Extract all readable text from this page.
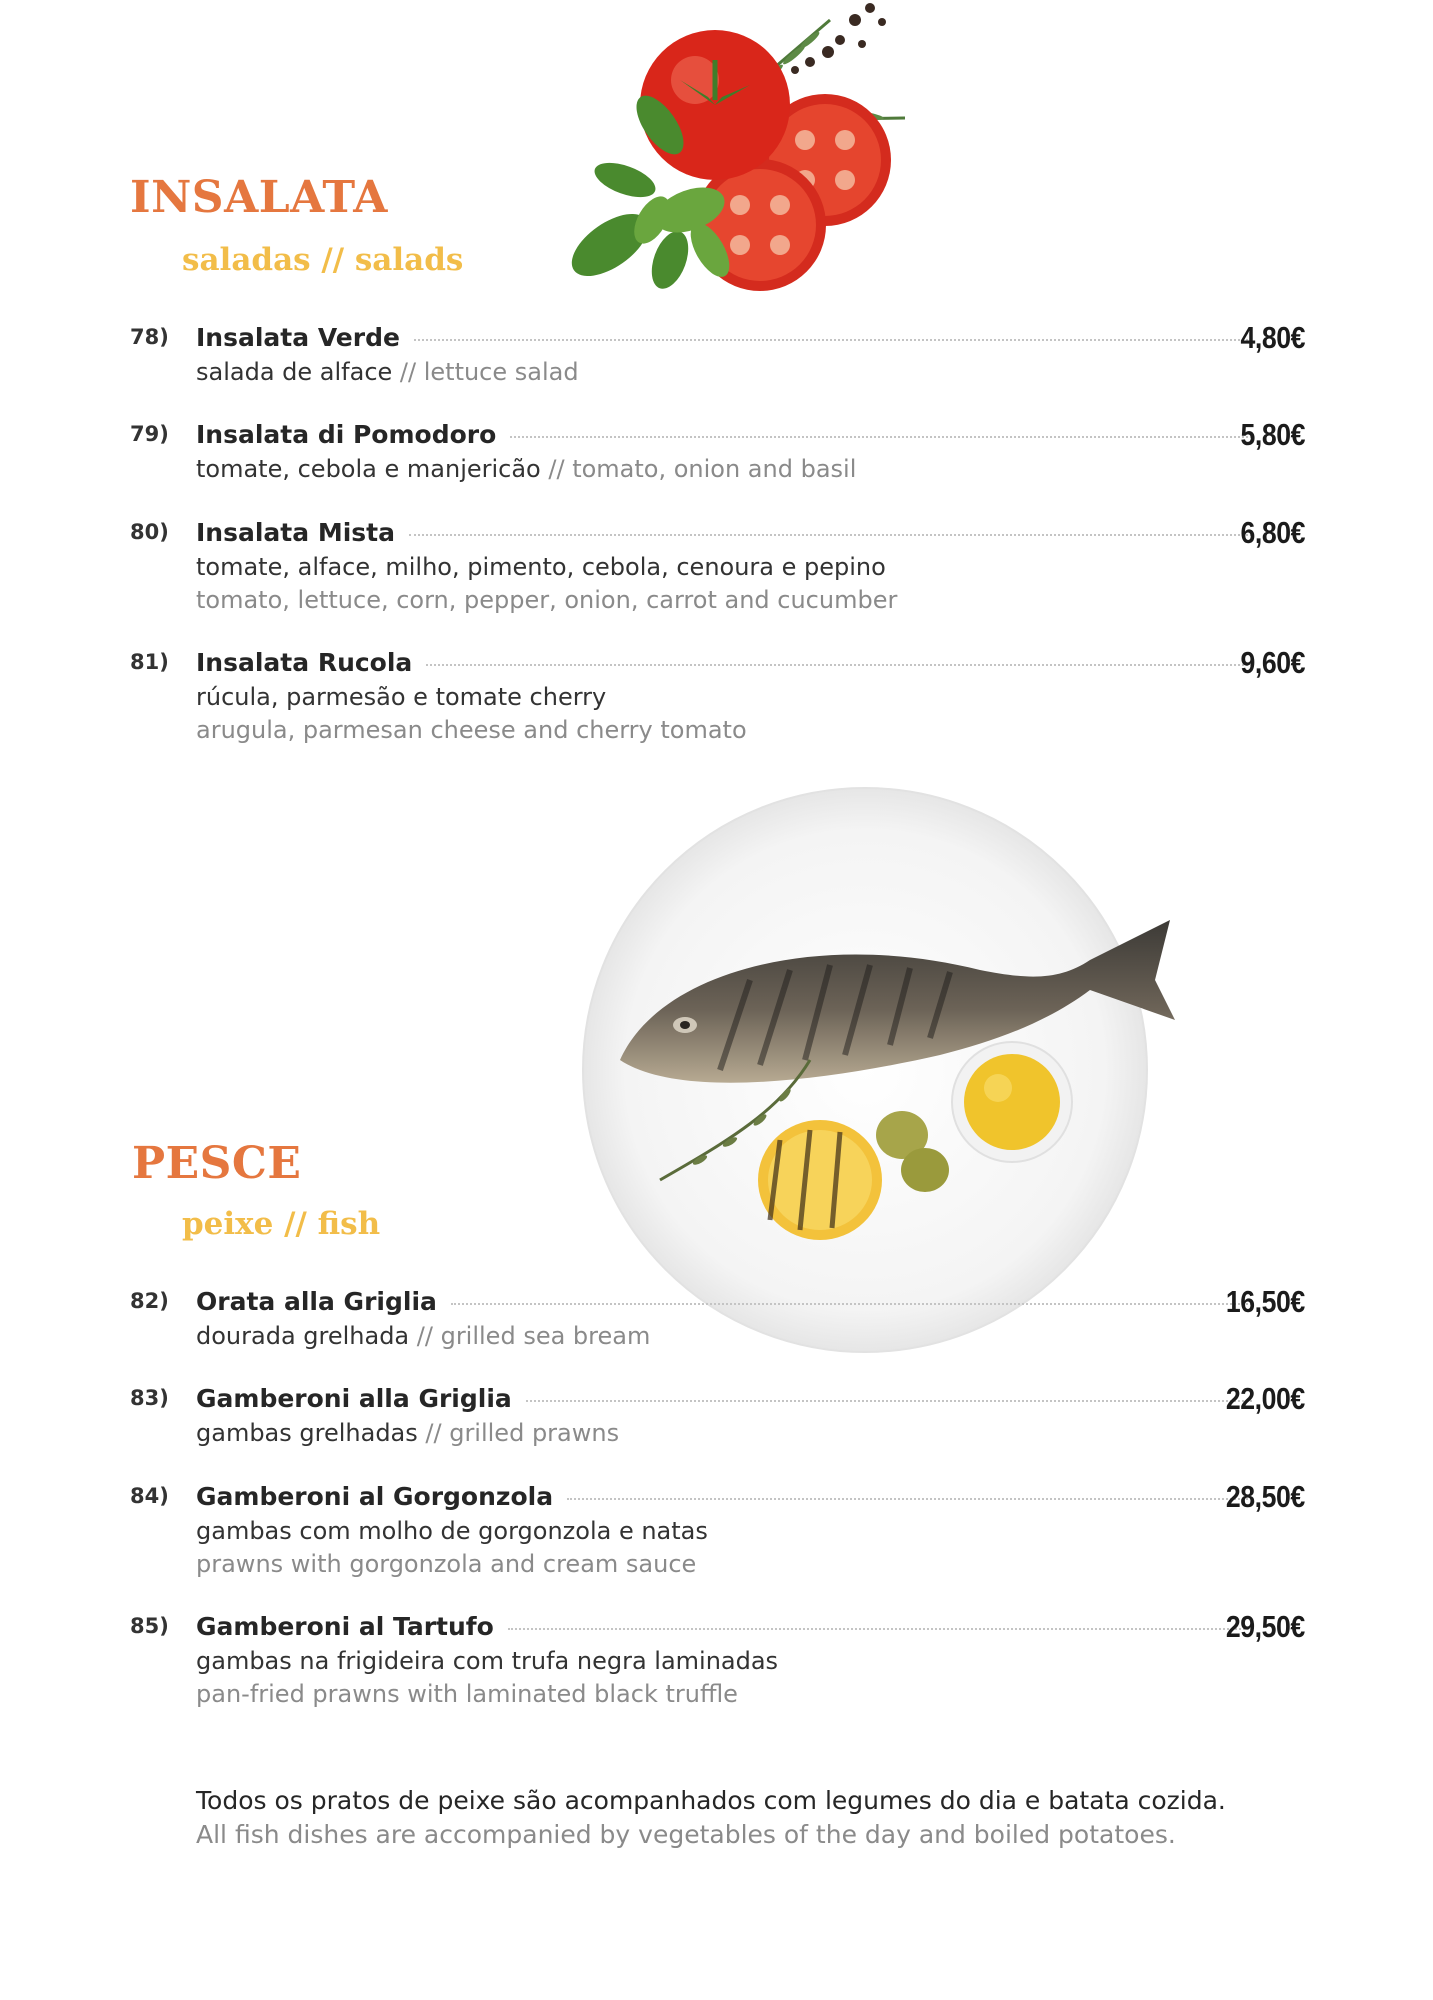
INSALATA
saladas // salads
78)	Insalata Verde
salada de alface // lettuce salad
4,80€
79)	Insalata di Pomodoro
tomate, cebola e manjericão // tomato, onion and basil
5,80€
80)	Insalata Mista
tomate, alface, milho, pimento, cebola, cenoura e pepino
tomato, lettuce, corn, pepper, onion, carrot and cucumber
6,80€
81)	Insalata Rucola
rúcula, parmesão e tomate cherry
arugula, parmesan cheese and cherry tomato
9,60€
PESCE
peixe // fish
82)	Orata alla Griglia
dourada grelhada // grilled sea bream
16,50€
83)	Gamberoni alla Griglia
gambas grelhadas // grilled prawns
22,00€
84)	Gamberoni al Gorgonzola
gambas com molho de gorgonzola e natas
prawns with gorgonzola and cream sauce
28,50€
85)	Gamberoni al Tartufo
gambas na frigideira com trufa negra laminadas
pan-fried prawns with laminated black truffle
29,50€
Todos os pratos de peixe são acompanhados com legumes do dia e batata cozida.
All fish dishes are accompanied by vegetables of the day and boiled potatoes.
